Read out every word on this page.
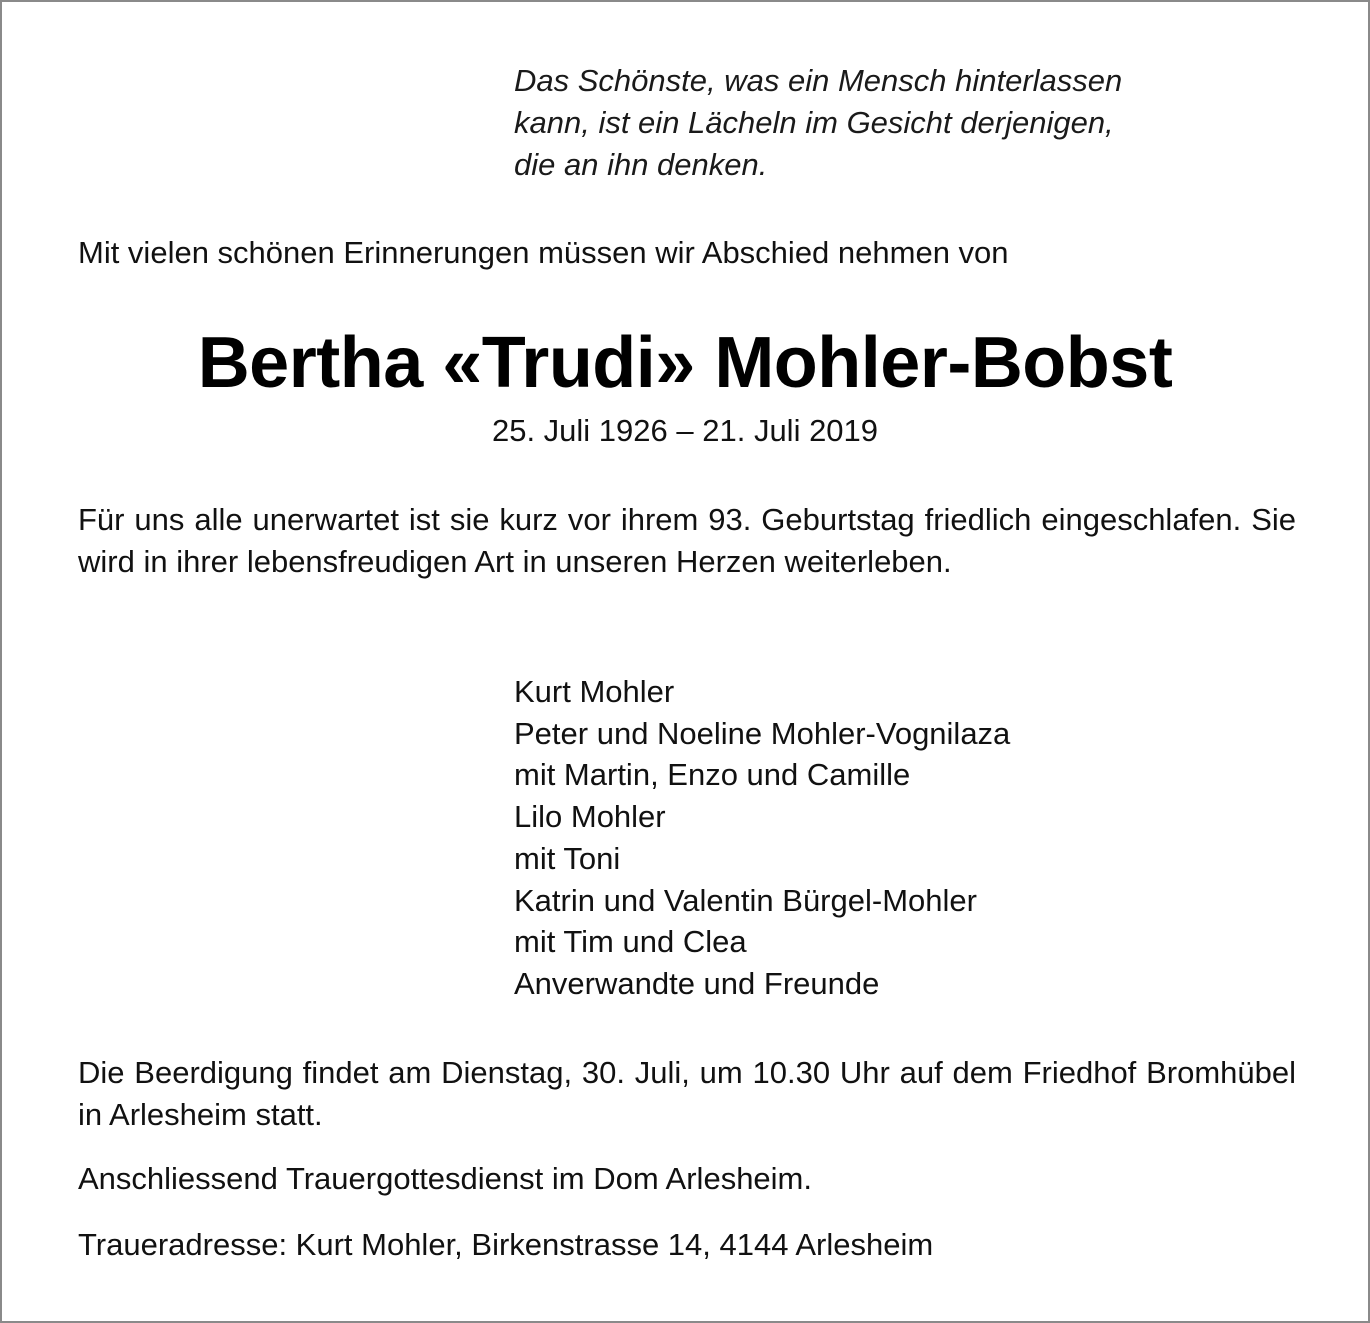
Das Schönste, was ein Mensch hinterlassen
kann, ist ein Lächeln im Gesicht derjenigen,
die an ihn denken.
Mit vielen schönen Erinnerungen müssen wir Abschied nehmen von
Bertha «Trudi» Mohler-Bobst
25. Juli 1926 – 21. Juli 2019
Für uns alle unerwartet ist sie kurz vor ihrem 93. Geburtstag friedlich eingeschlafen. Sie wird in ihrer lebensfreudigen Art in unseren Herzen weiterleben.
Kurt Mohler
Peter und Noeline Mohler-Vognilaza
mit Martin, Enzo und Camille
Lilo Mohler
mit Toni
Katrin und Valentin Bürgel-Mohler
mit Tim und Clea
Anverwandte und Freunde
Die Beerdigung findet am Dienstag, 30. Juli, um 10.30 Uhr auf dem Friedhof Bromhübel in Arlesheim statt.
Anschliessend Trauergottesdienst im Dom Arlesheim.
Traueradresse: Kurt Mohler, Birkenstrasse 14, 4144 Arlesheim
